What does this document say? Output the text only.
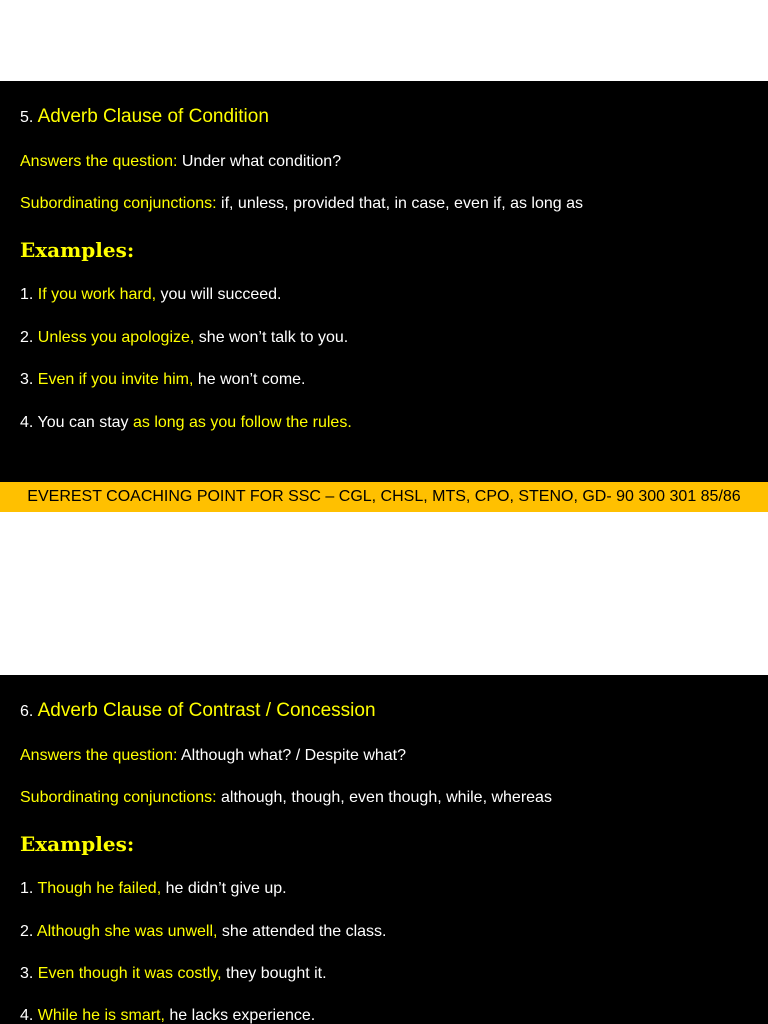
5. Adverb Clause of Condition
Answers the question: Under what condition?
Subordinating conjunctions: if, unless, provided that, in case, even if, as long as
Examples:
1. If you work hard, you will succeed.
2. Unless you apologize, she won’t talk to you.
3. Even if you invite him, he won’t come.
4. You can stay as long as you follow the rules.
EVEREST COACHING POINT FOR SSC – CGL, CHSL, MTS, CPO, STENO, GD- 90 300 301 85/86
6. Adverb Clause of Contrast / Concession
Answers the question: Although what? / Despite what?
Subordinating conjunctions: although, though, even though, while, whereas
Examples:
1. Though he failed, he didn’t give up.
2. Although she was unwell, she attended the class.
3. Even though it was costly, they bought it.
4. While he is smart, he lacks experience.
